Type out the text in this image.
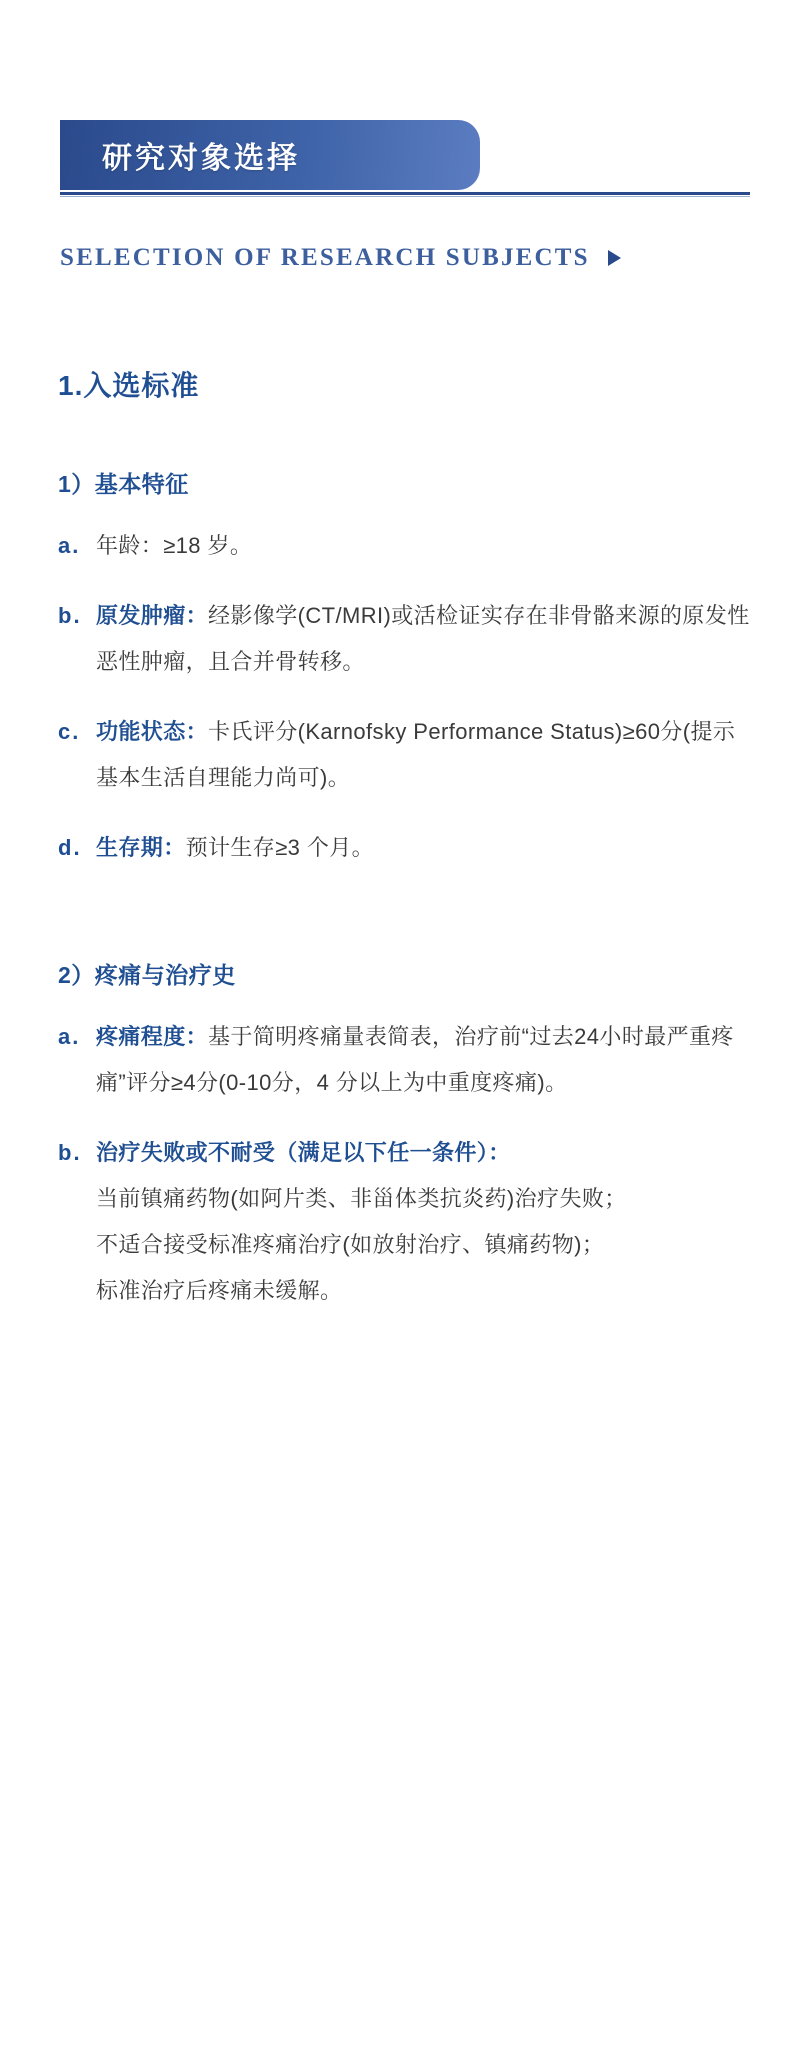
研究对象选择
SELECTION OF RESEARCH SUBJECTS
1.入选标准
1）基本特征
a. 年龄：≥18 岁。
b. 原发肿瘤：经影像学(CT/MRI)或活检证实存在非骨骼来源的原发性恶性肿瘤，且合并骨转移。
c. 功能状态：卡氏评分(Karnofsky Performance Status)≥60分(提示基本生活自理能力尚可)。
d. 生存期：预计生存≥3 个月。
2）疼痛与治疗史
a. 疼痛程度：基于简明疼痛量表简表，治疗前“过去24小时最严重疼痛”评分≥4分(0-10分，4 分以上为中重度疼痛)。
b. 治疗失败或不耐受（满足以下任一条件）：
当前镇痛药物(如阿片类、非甾体类抗炎药)治疗失败；
不适合接受标准疼痛治疗(如放射治疗、镇痛药物)；
标准治疗后疼痛未缓解。
